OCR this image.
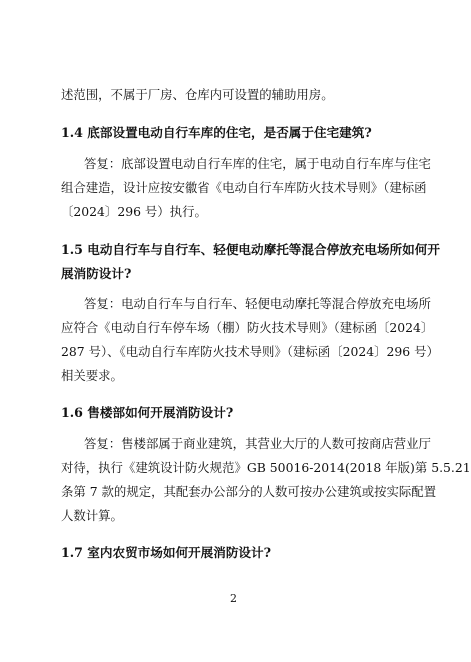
述范围，不属于厂房、仓库内可设置的辅助用房。
1.4 底部设置电动自行车库的住宅，是否属于住宅建筑?
答复：底部设置电动自行车库的住宅，属于电动自行车库与住宅
组合建造，设计应按安徽省《电动自行车库防火技术导则》（建标函
〔2024〕296 号）执行。
1.5 电动自行车与自行车、轻便电动摩托等混合停放充电场所如何开
展消防设计?
答复：电动自行车与自行车、轻便电动摩托等混合停放充电场所
应符合《电动自行车停车场（棚）防火技术导则》（建标函〔2024〕
287 号）、《电动自行车库防火技术导则》（建标函〔2024〕296 号）
相关要求。
1.6 售楼部如何开展消防设计?
答复：售楼部属于商业建筑，其营业大厅的人数可按商店营业厅
对待，执行《建筑设计防火规范》GB 50016-2014(2018 年版)第 5.5.21
条第 7 款的规定，其配套办公部分的人数可按办公建筑或按实际配置
人数计算。
1.7 室内农贸市场如何开展消防设计?
2
